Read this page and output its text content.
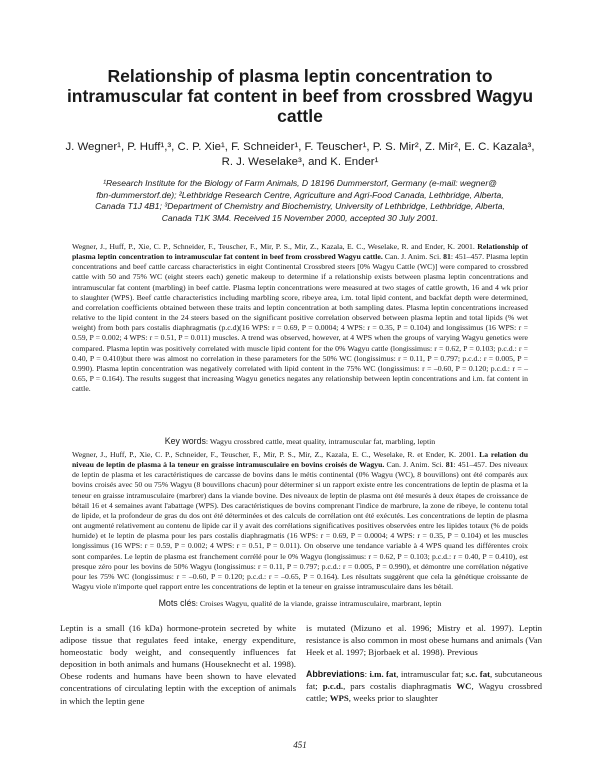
Relationship of plasma leptin concentration to intramuscular fat content in beef from crossbred Wagyu cattle
J. Wegner¹, P. Huff¹,³, C. P. Xie¹, F. Schneider¹, F. Teuscher¹, P. S. Mir², Z. Mir², E. C. Kazala³,
R. J. Weselake³, and K. Ender¹
¹Research Institute for the Biology of Farm Animals, D 18196 Dummerstorf, Germany (e-mail: wegner@
fbn-dummerstorf.de); ²Lethbridge Research Centre, Agriculture and Agri-Food Canada, Lethbridge, Alberta,
Canada T1J 4B1; ³Department of Chemistry and Biochemistry, University of Lethbridge, Lethbridge, Alberta,
Canada T1K 3M4. Received 15 November 2000, accepted 30 July 2001.

Wegner, J., Huff, P., Xie, C. P., Schneider, F., Teuscher, F., Mir, P. S., Mir, Z., Kazala, E. C., Weselake, R. and Ender, K. 2001. Relationship of plasma leptin concentration to intramuscular fat content in beef from crossbred Wagyu cattle. Can. J. Anim. Sci. 81: 451–457. Plasma leptin concentrations and beef cattle carcass characteristics in eight Continental Crossbred steers [0% Wagyu Cattle (WC)] were compared to crossbred cattle with 50 and 75% WC (eight steers each) genetic makeup to determine if a relationship exists between plasma leptin concentrations and intramuscular fat content (marbling) in beef cattle. Plasma leptin concentrations were measured at two stages of cattle growth, 16 and 4 wk prior to slaughter (WPS). Beef cattle characteristics including marbling score, ribeye area, i.m. total lipid content, and backfat depth were determined, and correlation coefficients obtained between these traits and leptin concentration at both sampling dates. Plasma leptin concentrations increased relative to the lipid content in the 24 steers based on the significant positive correlation observed between plasma leptin and total lipids (% wet weight) from both pars costalis diaphragmatis (p.c.d)(16 WPS: r = 0.69, P = 0.0004; 4 WPS: r = 0.35, P = 0.104) and longissimus (16 WPS: r = 0.59, P = 0.002; 4 WPS: r = 0.51, P = 0.011) muscles. A trend was observed, however, at 4 WPS when the groups of varying Wagyu genetics were compared. Plasma leptin was positively correlated with muscle lipid content for the 0% Wagyu cattle (longissimus: r = 0.62, P = 0.103; p.c.d.: r = 0.40, P = 0.410)but there was almost no correlation in these parameters for the 50% WC (longissimus: r = 0.11, P = 0.797; p.c.d.: r = 0.005, P = 0.990). Plasma leptin concentration was negatively correlated with lipid content in the 75% WC (longissimus: r = –0.60, P = 0.120; p.c.d.: r = –0.65, P = 0.164). The results suggest that increasing Wagyu genetics negates any relationship between leptin concentrations and i.m. fat content in cattle.

Key words: Wagyu crossbred cattle, meat quality, intramuscular fat, marbling, leptin

Wegner, J., Huff, P., Xie, C. P., Schneider, F., Teuscher, F., Mir, P. S., Mir, Z., Kazala, E. C., Weselake, R. et Ender, K. 2001. La relation du niveau de leptin de plasma à la teneur en graisse intramusculaire en bovins croisés de Wagyu. Can. J. Anim. Sci. 81: 451–457. Des niveaux de leptin de plasma et les caractéristiques de carcasse de bovins dans le métis continental (0% Wagyu (WC), 8 bouvillons) ont été comparés aux bovins croisés avec 50 ou 75% Wagyu (8 bouvillons chacun) pour déterminer si un rapport existe entre les concentrations de leptin de plasma et la teneur en graisse intramusculaire (marbrer) dans la viande bovine. Des niveaux de leptin de plasma ont été mesurés à deux étapes de croissance de bétail 16 et 4 semaines avant l'abattage (WPS). Des caractéristiques de bovins comprenant l'indice de marbrure, la zone de ribeye, le contenu total de lipide, et la profondeur de gras du dos ont été déterminées et des calculs de corrélation ont été exécutés. Les concentrations de leptin de plasma ont augmenté relativement au contenu de lipide car il y avait des corrélations significatives positives observées entre les lipides totaux (% de poids humide) et le leptin de plasma pour les pars costalis diaphragmatis (16 WPS: r = 0.69, P = 0.0004; 4 WPS: r = 0.35, P = 0.104) et les muscles longissimus (16 WPS: r = 0.59, P = 0.002; 4 WPS: r = 0.51, P = 0.011). On observe une tendance variable à 4 WPS quand les différentes croix sont comparées. Le leptin de plasma est franchement corrélé pour le 0% Wagyu (longissimus: r = 0.62, P = 0.103; p.c.d.: r = 0.40, P = 0.410), est presque zéro pour les bovins de 50% Wagyu (longissimus: r = 0.11, P = 0.797; p.c.d.: r = 0.005, P = 0.990), et démontre une corrélation négative pour les 75% WC (longissimus: r = –0.60, P = 0.120; p.c.d.: r = –0.65, P = 0.164). Les résultats suggèrent que cela la génétique croissante de Wagyu viole n'importe quel rapport entre les concentrations de leptin et la teneur en graisse intramusculaire dans les bétail.

Mots clés: Croises Wagyu, qualité de la viande, graisse intramusculaire, marbrant, leptin

Leptin is a small (16 kDa) hormone-protein secreted by white adipose tissue that regulates feed intake, energy expenditure, homeostatic body weight, and consequently influences fat deposition in both animals and humans (Houseknecht et al. 1998). Obese rodents and humans have been shown to have elevated concentrations of circulating leptin with the exception of animals in which the leptin gene

is mutated (Mizuno et al. 1996; Mistry et al. 1997). Leptin resistance is also common in most obese humans and animals (Van Heek et al. 1997; Bjorbaek et al. 1998). Previous
Abbreviations: i.m. fat, intramuscular fat; s.c. fat, subcutaneous fat; p.c.d., pars costalis diaphragmatis WC, Wagyu crossbred cattle; WPS, weeks prior to slaughter
451
